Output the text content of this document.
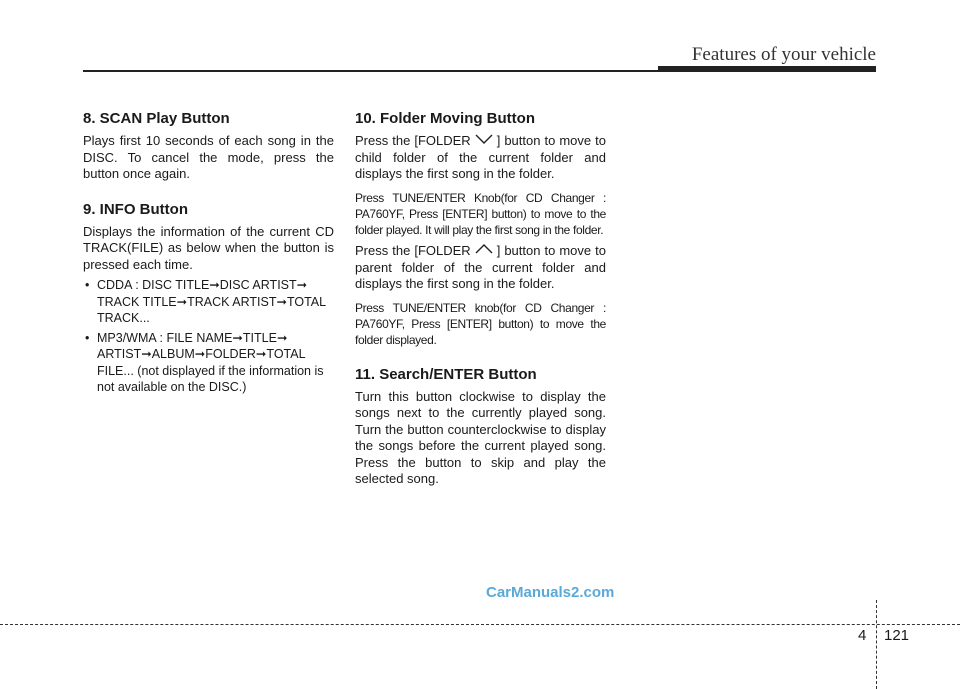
Features of your vehicle
8. SCAN Play Button

Plays first 10 seconds of each song in the DISC. To cancel the mode, press the button once again.

9. INFO Button

Displays the information of the current CD TRACK(FILE) as below when the button is pressed each time.

• CDDA : DISC TITLE➞DISC ARTIST➞ TRACK TITLE➞TRACK ARTIST➞TOTAL TRACK...
• MP3/WMA : FILE NAME➞TITLE➞ ARTIST➞ALBUM➞FOLDER➞TOTAL FILE... (not displayed if the information is not available on the DISC.)
10. Folder Moving Button

Press the [FOLDER ] button to move to child folder of the current folder and displays the first song in the folder.

Press TUNE/ENTER Knob(for CD Changer : PA760YF, Press [ENTER] button) to move to the folder played. It will play the first song in the folder.

Press the [FOLDER ] button to move to parent folder of the current folder and displays the first song in the folder.

Press TUNE/ENTER knob(for CD Changer : PA760YF, Press [ENTER] button) to move the folder displayed.

11. Search/ENTER Button

Turn this button clockwise to display the songs next to the currently played song. Turn the button counterclockwise to display the songs before the current played song. Press the button to skip and play the selected song.

CarManuals2.com
4 121
